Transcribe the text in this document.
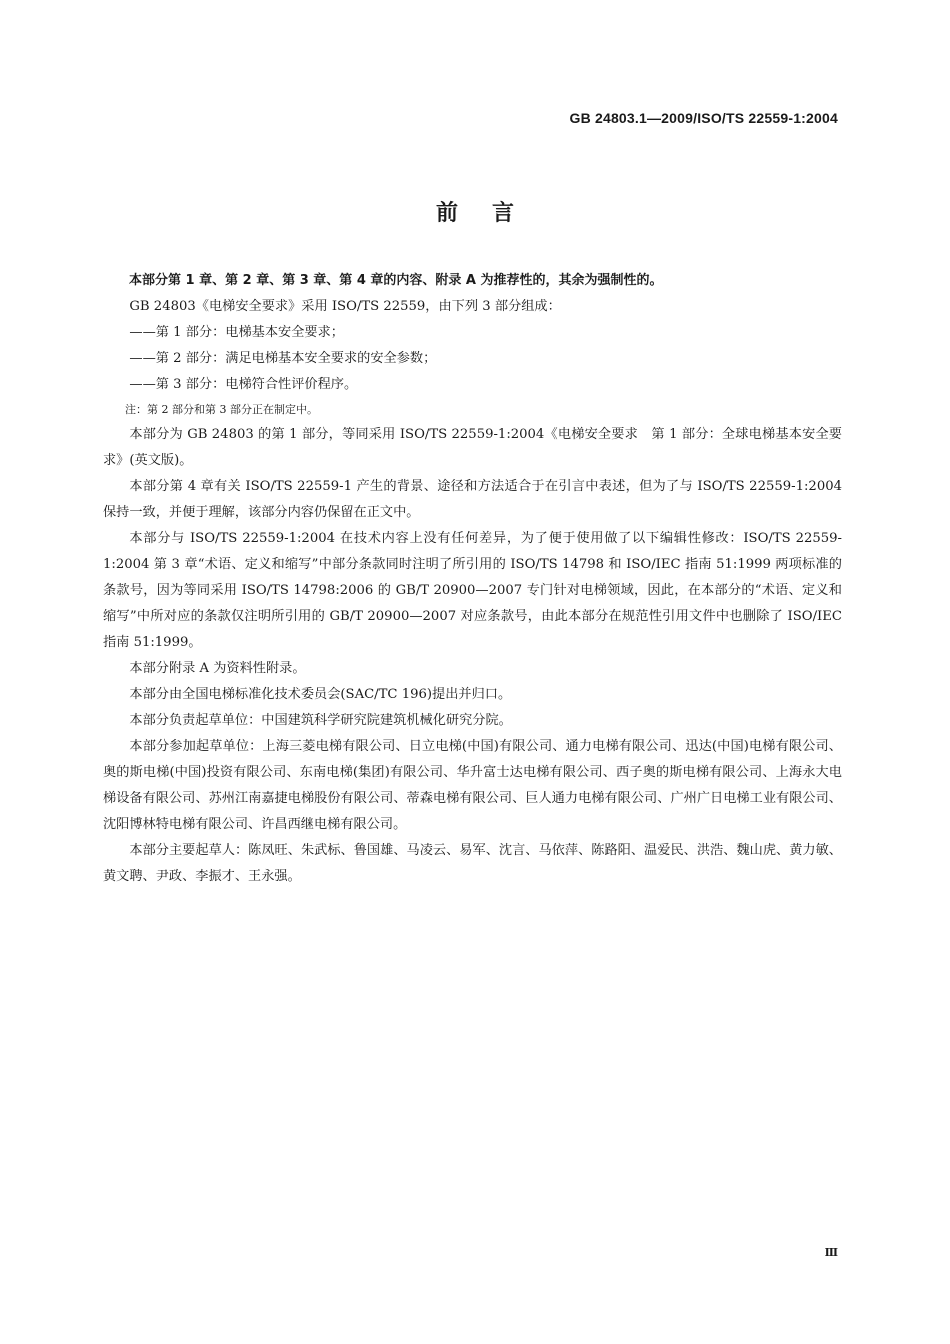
GB 24803.1—2009/ISO/TS 22559-1:2004
前言

本部分第 1 章、第 2 章、第 3 章、第 4 章的内容、附录 A 为推荐性的，其余为强制性的。

GB 24803《电梯安全要求》采用 ISO/TS 22559，由下列 3 部分组成：

——第 1 部分：电梯基本安全要求；

——第 2 部分：满足电梯基本安全要求的安全参数；

——第 3 部分：电梯符合性评价程序。

注：第 2 部分和第 3 部分正在制定中。

本部分为 GB 24803 的第 1 部分，等同采用 ISO/TS 22559-1:2004《电梯安全要求　第 1 部分：全球电梯基本安全要求》(英文版)。

本部分第 4 章有关 ISO/TS 22559-1 产生的背景、途径和方法适合于在引言中表述，但为了与 ISO/TS 22559-1:2004 保持一致，并便于理解，该部分内容仍保留在正文中。

本部分与 ISO/TS 22559-1:2004 在技术内容上没有任何差异，为了便于使用做了以下编辑性修改：ISO/TS 22559-1:2004 第 3 章“术语、定义和缩写”中部分条款同时注明了所引用的 ISO/TS 14798 和 ISO/IEC 指南 51:1999 两项标准的条款号，因为等同采用 ISO/TS 14798:2006 的 GB/T 20900—2007 专门针对电梯领域，因此，在本部分的“术语、定义和缩写”中所对应的条款仅注明所引用的 GB/T 20900—2007 对应条款号，由此本部分在规范性引用文件中也删除了 ISO/IEC 指南 51:1999。

本部分附录 A 为资料性附录。

本部分由全国电梯标准化技术委员会(SAC/TC 196)提出并归口。

本部分负责起草单位：中国建筑科学研究院建筑机械化研究分院。

本部分参加起草单位：上海三菱电梯有限公司、日立电梯(中国)有限公司、通力电梯有限公司、迅达(中国)电梯有限公司、奥的斯电梯(中国)投资有限公司、东南电梯(集团)有限公司、华升富士达电梯有限公司、西子奥的斯电梯有限公司、上海永大电梯设备有限公司、苏州江南嘉捷电梯股份有限公司、蒂森电梯有限公司、巨人通力电梯有限公司、广州广日电梯工业有限公司、沈阳博林特电梯有限公司、许昌西继电梯有限公司。

本部分主要起草人：陈凤旺、朱武标、鲁国雄、马凌云、易军、沈言、马依萍、陈路阳、温爱民、洪浩、魏山虎、黄力敏、黄文聘、尹政、李振才、王永强。

Ⅲ
